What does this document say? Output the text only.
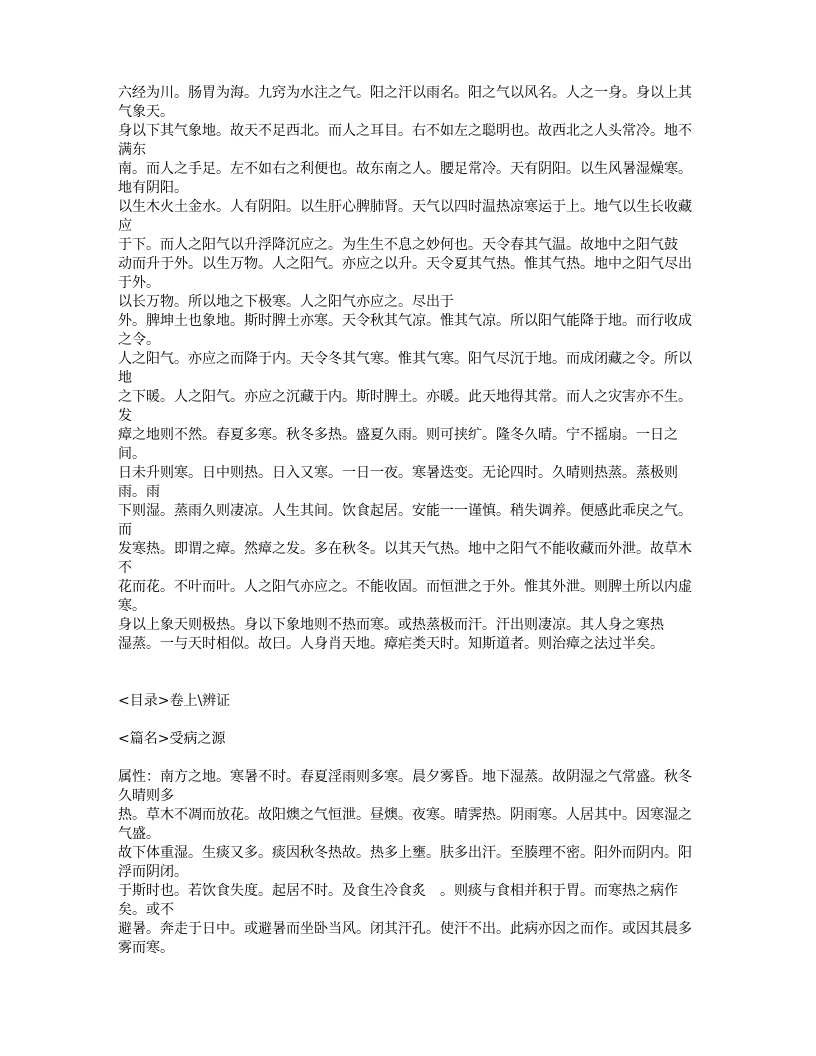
六经为川。肠胃为海。九窍为水注之气。阳之汗以雨名。阳之气以风名。人之一身。身以上其
气象天。
身以下其气象地。故天不足西北。而人之耳目。右不如左之聪明也。故西北之人头常冷。地不
满东
南。而人之手足。左不如右之利便也。故东南之人。腰足常冷。天有阴阳。以生风暑湿燥寒。
地有阴阳。
以生木火土金水。人有阴阳。以生肝心脾肺肾。天气以四时温热凉寒运于上。地气以生长收藏
应
于下。而人之阳气以升浮降沉应之。为生生不息之妙何也。天令春其气温。故地中之阳气鼓
动而升于外。以生万物。人之阳气。亦应之以升。天令夏其气热。惟其气热。地中之阳气尽出
于外。
以长万物。所以地之下极寒。人之阳气亦应之。尽出于
外。脾坤土也象地。斯时脾土亦寒。天令秋其气凉。惟其气凉。所以阳气能降于地。而行收成
之令。
人之阳气。亦应之而降于内。天令冬其气寒。惟其气寒。阳气尽沉于地。而成闭藏之令。所以
地
之下暖。人之阳气。亦应之沉藏于内。斯时脾土。亦暖。此天地得其常。而人之灾害亦不生。
发
瘴之地则不然。春夏多寒。秋冬多热。盛夏久雨。则可挟纩。隆冬久晴。宁不摇扇。一日之
间。
日未升则寒。日中则热。日入又寒。一日一夜。寒暑迭变。无论四时。久晴则热蒸。蒸极则
雨。雨
下则湿。蒸雨久则凄凉。人生其间。饮食起居。安能一一谨慎。稍失调养。便感此乖戾之气。
而
发寒热。即谓之瘴。然瘴之发。多在秋冬。以其天气热。地中之阳气不能收藏而外泄。故草木
不
花而花。不叶而叶。人之阳气亦应之。不能收固。而恒泄之于外。惟其外泄。则脾土所以内虚
寒。
身以上象天则极热。身以下象地则不热而寒。或热蒸极而汗。汗出则凄凉。其人身之寒热
湿蒸。一与天时相似。故曰。人身肖天地。瘴疟类天时。知斯道者。则治瘴之法过半矣。
<目录>卷上\辨证
<篇名>受病之源
属性：南方之地。寒暑不时。春夏淫雨则多寒。晨夕雾昏。地下湿蒸。故阴湿之气常盛。秋冬
久晴则多
热。草木不凋而放花。故阳燠之气恒泄。昼燠。夜寒。晴霁热。阴雨寒。人居其中。因寒湿之
气盛。
故下体重湿。生痰又多。痰因秋冬热故。热多上壅。肤多出汗。至腠理不密。阳外而阴内。阳
浮而阴闭。
于斯时也。若饮食失度。起居不时。及食生冷食炙　。则痰与食相并积于胃。而寒热之病作
矣。或不
避暑。奔走于日中。或避暑而坐卧当风。闭其汗孔。使汗不出。此病亦因之而作。或因其晨多
雾而寒。
